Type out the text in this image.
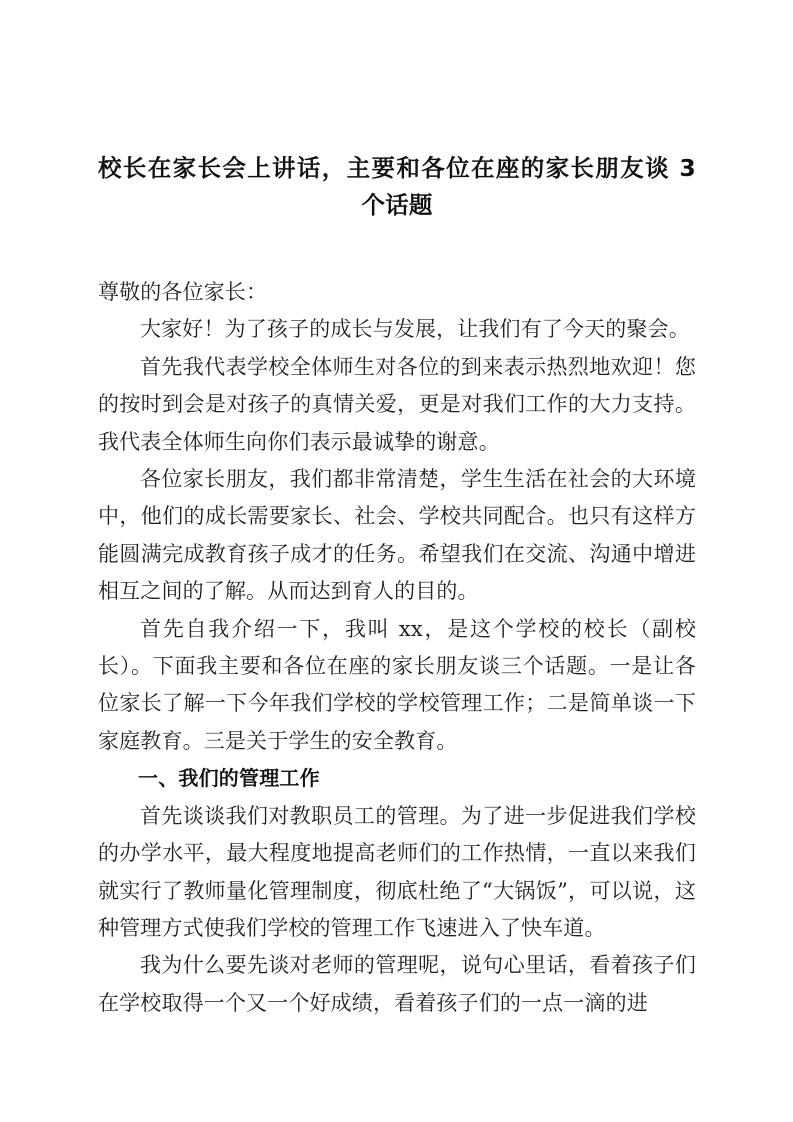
校长在家长会上讲话，主要和各位在座的家长朋友谈 3
个话题

尊敬的各位家长：

大家好！为了孩子的成长与发展，让我们有了今天的聚会。

首先我代表学校全体师生对各位的到来表示热烈地欢迎！您的按时到会是对孩子的真情关爱，更是对我们工作的大力支持。我代表全体师生向你们表示最诚挚的谢意。

各位家长朋友，我们都非常清楚，学生生活在社会的大环境中，他们的成长需要家长、社会、学校共同配合。也只有这样方能圆满完成教育孩子成才的任务。希望我们在交流、沟通中增进相互之间的了解。从而达到育人的目的。

首先自我介绍一下，我叫 xx，是这个学校的校长（副校长）。下面我主要和各位在座的家长朋友谈三个话题。一是让各位家长了解一下今年我们学校的学校管理工作；二是简单谈一下家庭教育。三是关于学生的安全教育。

一、我们的管理工作

首先谈谈我们对教职员工的管理。为了进一步促进我们学校的办学水平，最大程度地提高老师们的工作热情，一直以来我们就实行了教师量化管理制度，彻底杜绝了“大锅饭”，可以说，这种管理方式使我们学校的管理工作飞速进入了快车道。

我为什么要先谈对老师的管理呢，说句心里话，看着孩子们在学校取得一个又一个好成绩，看着孩子们的一点一滴的进
